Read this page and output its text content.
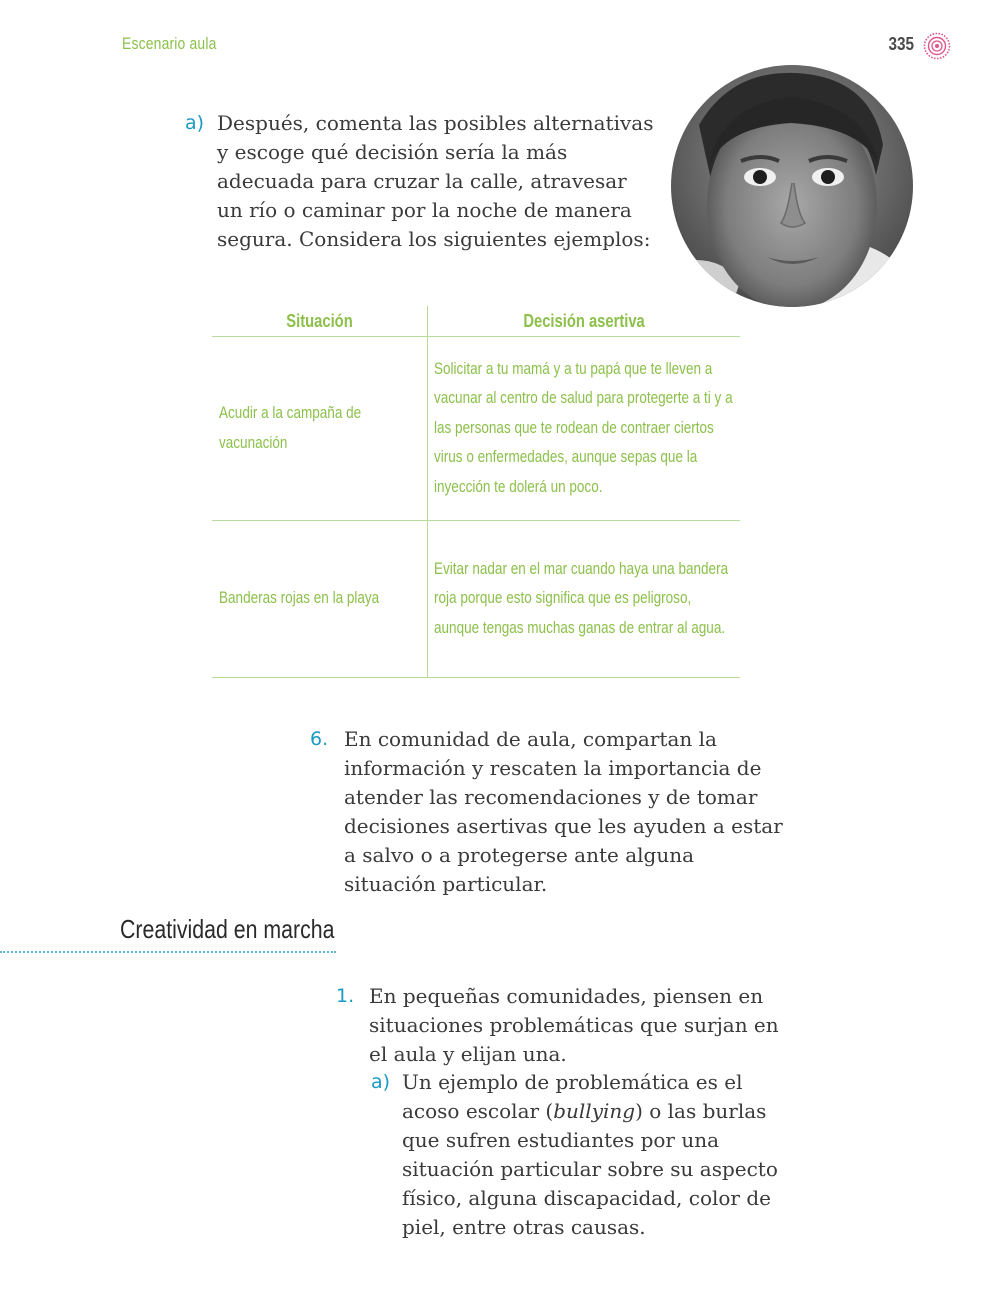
Escenario aula	335
a) Después, comenta las posibles alternativas y escoge qué decisión sería la más adecuada para cruzar la calle, atravesar un río o caminar por la noche de manera segura. Considera los siguientes ejemplos:
Situación	Decisión asertiva
Acudir a la campaña de vacunación	Solicitar a tu mamá y a tu papá que te lleven a vacunar al centro de salud para protegerte a ti y a las personas que te rodean de contraer ciertos virus o enfermedades, aunque sepas que la inyección te dolerá un poco.
Banderas rojas en la playa	Evitar nadar en el mar cuando haya una bandera roja porque esto significa que es peligroso, aunque tengas muchas ganas de entrar al agua.
6. En comunidad de aula, compartan la información y rescaten la importancia de atender las recomendaciones y de tomar decisiones asertivas que les ayuden a estar a salvo o a protegerse ante alguna situación particular.
Creatividad en marcha
1. En pequeñas comunidades, piensen en situaciones problemáticas que surjan en el aula y elijan una.
a) Un ejemplo de problemática es el acoso escolar (bullying) o las burlas que sufren estudiantes por una situación particular sobre su aspecto físico, alguna discapacidad, color de piel, entre otras causas.
